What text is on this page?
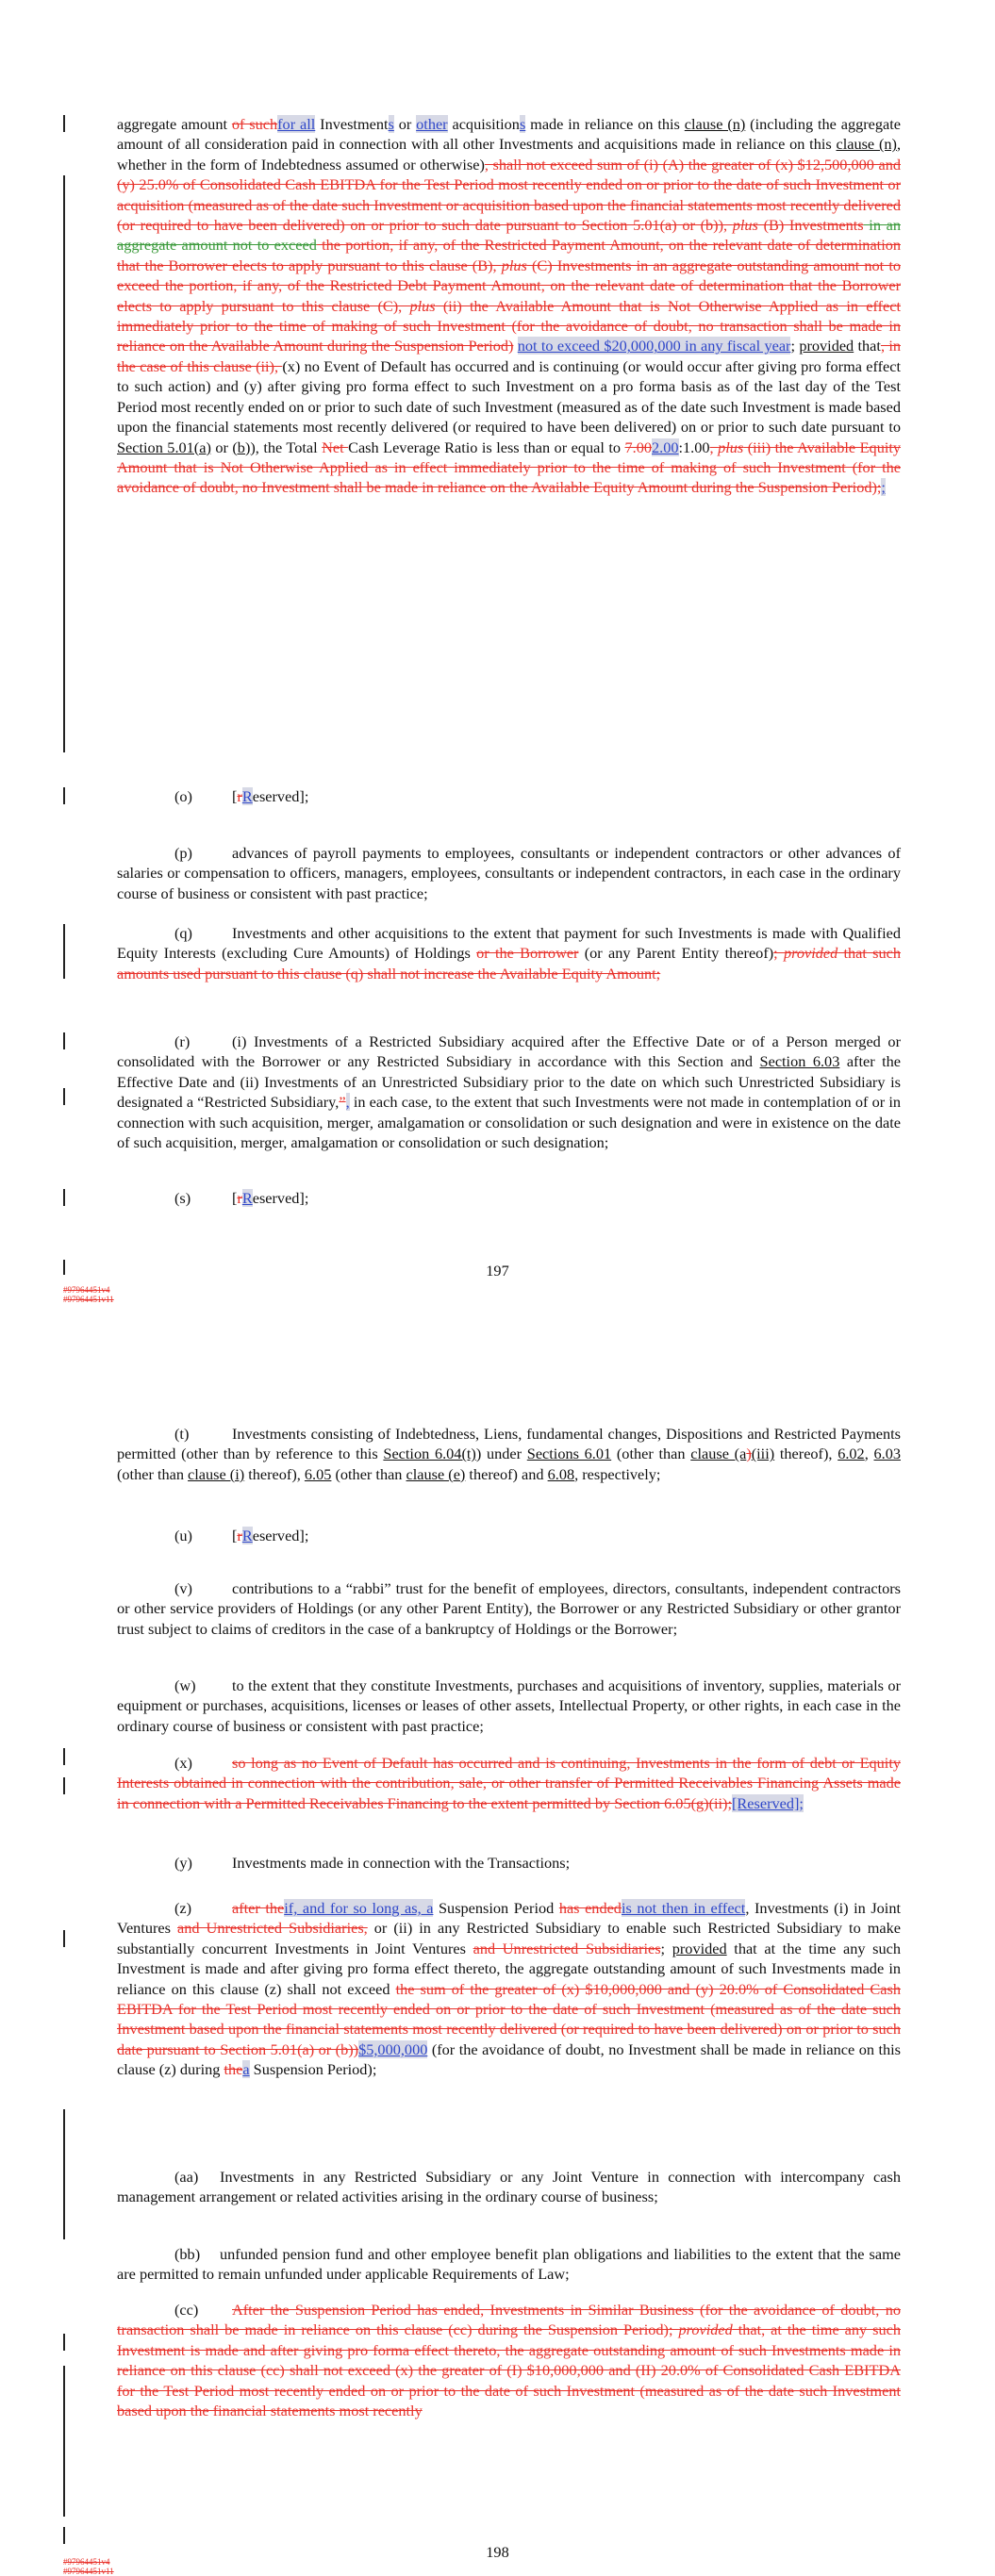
aggregate amount of suchfor all Investments or other acquisitions made in reliance on this clause (n) (including the aggregate amount of all consideration paid in connection with all other Investments and acquisitions made in reliance on this clause (n), whether in the form of Indebtedness assumed or otherwise), shall not exceed sum of (i) (A) the greater of (x) $12,500,000 and (y) 25.0% of Consolidated Cash EBITDA for the Test Period most recently ended on or prior to the date of such Investment or acquisition (measured as of the date such Investment or acquisition based upon the financial statements most recently delivered (or required to have been delivered) on or prior to such date pursuant to Section 5.01(a) or (b)), plus (B) Investments in an aggregate amount not to exceed the portion, if any, of the Restricted Payment Amount, on the relevant date of determination that the Borrower elects to apply pursuant to this clause (B), plus (C) Investments in an aggregate outstanding amount not to exceed the portion, if any, of the Restricted Debt Payment Amount, on the relevant date of determination that the Borrower elects to apply pursuant to this clause (C), plus (ii) the Available Amount that is Not Otherwise Applied as in effect immediately prior to the time of making of such Investment (for the avoidance of doubt, no transaction shall be made in reliance on the Available Amount during the Suspension Period) not to exceed $20,000,000 in any fiscal year; provided that, in the case of this clause (ii), (x) no Event of Default has occurred and is continuing (or would occur after giving pro forma effect to such action) and (y) after giving pro forma effect to such Investment on a pro forma basis as of the last day of the Test Period most recently ended on or prior to such date of such Investment (measured as of the date such Investment is made based upon the financial statements most recently delivered (or required to have been delivered) on or prior to such date pursuant to Section 5.01(a) or (b)), the Total Net Cash Leverage Ratio is less than or equal to 7.002.00:1.00, plus (iii) the Available Equity Amount that is Not Otherwise Applied as in effect immediately prior to the time of making of such Investment (for the avoidance of doubt, no Investment shall be made in reliance on the Available Equity Amount during the Suspension Period);;

(o)	[rReserved];

(p)	advances of payroll payments to employees, consultants or independent contractors or other advances of salaries or compensation to officers, managers, employees, consultants or independent contractors, in each case in the ordinary course of business or consistent with past practice;

(q)	Investments and other acquisitions to the extent that payment for such Investments is made with Qualified Equity Interests (excluding Cure Amounts) of Holdings or the Borrower (or any Parent Entity thereof); provided that such amounts used pursuant to this clause (q) shall not increase the Available Equity Amount;

(r)	(i) Investments of a Restricted Subsidiary acquired after the Effective Date or of a Person merged or consolidated with the Borrower or any Restricted Subsidiary in accordance with this Section and Section 6.03 after the Effective Date and (ii) Investments of an Unrestricted Subsidiary prior to the date on which such Unrestricted Subsidiary is designated a “Restricted Subsidiary,”, in each case, to the extent that such Investments were not made in contemplation of or in connection with such acquisition, merger, amalgamation or consolidation or such designation and were in existence on the date of such acquisition, merger, amalgamation or consolidation or such designation;

(s)	[rReserved];

197
#97964451v4
#97964451v11

(t)	Investments consisting of Indebtedness, Liens, fundamental changes, Dispositions and Restricted Payments permitted (other than by reference to this Section 6.04(t)) under Sections 6.01 (other than clause (a)(iii) thereof), 6.02, 6.03 (other than clause (i) thereof), 6.05 (other than clause (e) thereof) and 6.08, respectively;

(u)	[rReserved];

(v)	contributions to a “rabbi” trust for the benefit of employees, directors, consultants, independent contractors or other service providers of Holdings (or any other Parent Entity), the Borrower or any Restricted Subsidiary or other grantor trust subject to claims of creditors in the case of a bankruptcy of Holdings or the Borrower;

(w) to the extent that they constitute Investments, purchases and acquisitions of inventory, supplies, materials or equipment or purchases, acquisitions, licenses or leases of other assets, Intellectual Property, or other rights, in each case in the ordinary course of business or consistent with past practice;

(x)	so long as no Event of Default has occurred and is continuing, Investments in the form of debt or Equity Interests obtained in connection with the contribution, sale, or other transfer of Permitted Receivables Financing Assets made in connection with a Permitted Receivables Financing to the extent permitted by Section 6.05(g)(ii);[Reserved];

(y)	Investments made in connection with the Transactions;

(z)	after theif, and for so long as, a Suspension Period has endedis not then in effect, Investments (i) in Joint Ventures and Unrestricted Subsidiaries, or (ii) in any Restricted Subsidiary to enable such Restricted Subsidiary to make substantially concurrent Investments in Joint Ventures and Unrestricted Subsidiaries; provided that at the time any such Investment is made and after giving pro forma effect thereto, the aggregate outstanding amount of such Investments made in reliance on this clause (z) shall not exceed the sum of the greater of (x) $10,000,000 and (y) 20.0% of Consolidated Cash EBITDA for the Test Period most recently ended on or prior to the date of such Investment (measured as of the date such Investment based upon the financial statements most recently delivered (or required to have been delivered) on or prior to such date pursuant to Section 5.01(a) or (b))$5,000,000 (for the avoidance of doubt, no Investment shall be made in reliance on this clause (z) during thea Suspension Period);

(aa) Investments in any Restricted Subsidiary or any Joint Venture in connection with intercompany cash management arrangement or related activities arising in the ordinary course of business;

(bb) unfunded pension fund and other employee benefit plan obligations and liabilities to the extent that the same are permitted to remain unfunded under applicable Requirements of Law;

(cc) After the Suspension Period has ended, Investments in Similar Business (for the avoidance of doubt, no transaction shall be made in reliance on this clause (cc) during the Suspension Period); provided that, at the time any such Investment is made and after giving pro forma effect thereto, the aggregate outstanding amount of such Investments made in reliance on this clause (cc) shall not exceed (x) the greater of (I) $10,000,000 and (II) 20.0% of Consolidated Cash EBITDA for the Test Period most recently ended on or prior to the date of such Investment (measured as of the date such Investment based upon the financial statements most recently

198
#97964451v4
#97964451v11
